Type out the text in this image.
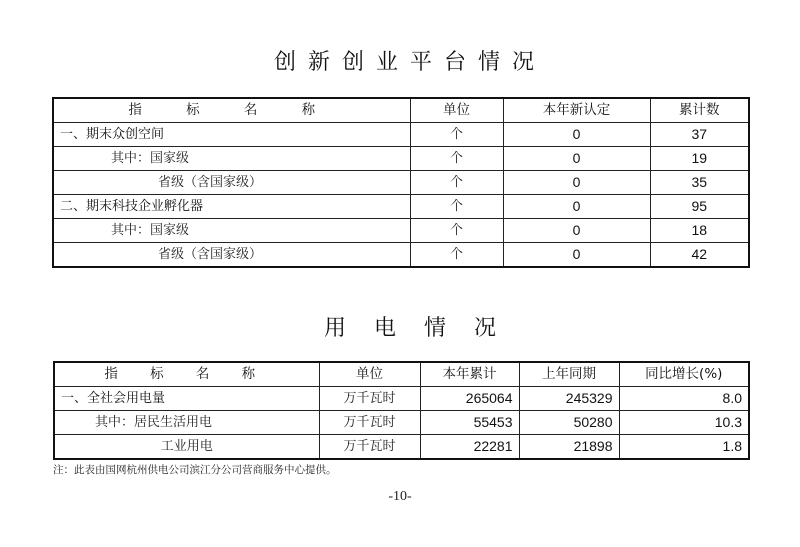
创新创业平台情况
指 标 名 称	单位	本年新认定	累计数
一、期末众创空间	个	0	37
其中：国家级	个	0	19
省级（含国家级）	个	0	35
二、期末科技企业孵化器	个	0	95
其中：国家级	个	0	18
省级（含国家级）	个	0	42
用电情况
指 标 名 称	单位	本年累计	上年同期	同比增长(%)
一、全社会用电量	万千瓦时	265064	245329	8.0
其中：居民生活用电	万千瓦时	55453	50280	10.3
工业用电	万千瓦时	22281	21898	1.8
注：此表由国网杭州供电公司滨江分公司营商服务中心提供。
-10-
